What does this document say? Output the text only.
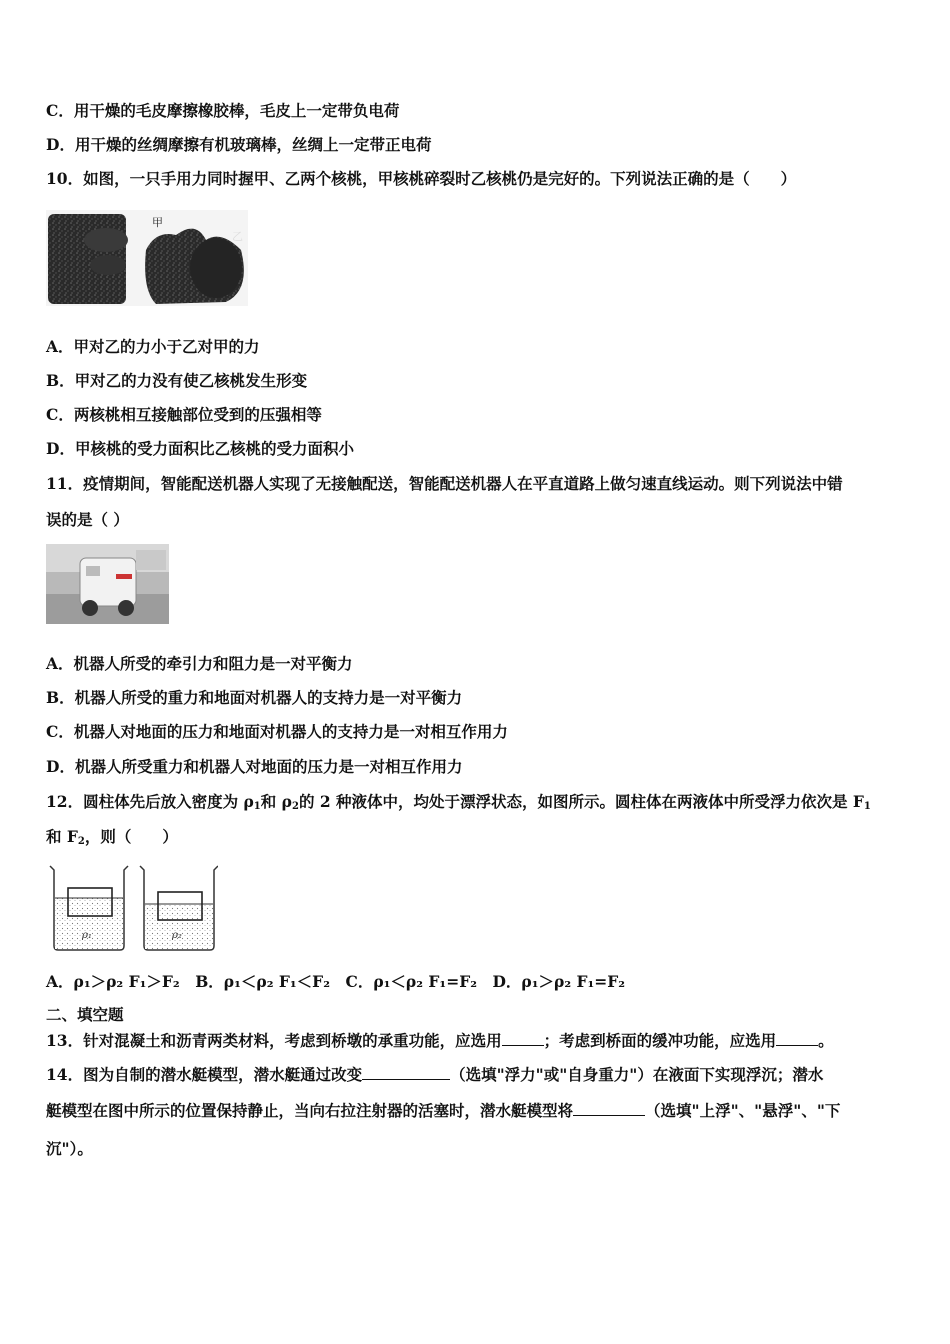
C．用干燥的毛皮摩擦橡胶棒，毛皮上一定带负电荷
D．用干燥的丝绸摩擦有机玻璃棒，丝绸上一定带正电荷
10．如图，一只手用力同时握甲、乙两个核桃，甲核桃碎裂时乙核桃仍是完好的。下列说法正确的是（　　）
甲
乙
A．甲对乙的力小于乙对甲的力
B．甲对乙的力没有使乙核桃发生形变
C．两核桃相互接触部位受到的压强相等
D．甲核桃的受力面积比乙核桃的受力面积小
11．疫情期间，智能配送机器人实现了无接触配送，智能配送机器人在平直道路上做匀速直线运动。则下列说法中错
误的是（ ）
A．机器人所受的牵引力和阻力是一对平衡力
B．机器人所受的重力和地面对机器人的支持力是一对平衡力
C．机器人对地面的压力和地面对机器人的支持力是一对相互作用力
D．机器人所受重力和机器人对地面的压力是一对相互作用力
12．圆柱体先后放入密度为 $\rho_1$和 $\rho_2$的 2 种液体中，均处于漂浮状态，如图所示。圆柱体在两液体中所受浮力依次是 $F_1$
和 $F_2$，则（　　）
ρ₁	ρ₂
A．ρ₁＞ρ₂ F₁＞F₂　B．ρ₁＜ρ₂ F₁＜F₂　C．ρ₁＜ρ₂ F₁=F₂　D．ρ₁＞ρ₂ F₁=F₂
二、填空题
13．针对混凝土和沥青两类材料，考虑到桥墩的承重功能，应选用	；考虑到桥面的缓冲功能，应选用	。
14．图为自制的潜水艇模型，潜水艇通过改变	（选填"浮力"或"自身重力"）在液面下实现浮沉；潜水
艇模型在图中所示的位置保持静止，当向右拉注射器的活塞时，潜水艇模型将	（选填"上浮"、"悬浮"、"下
沉"）。
